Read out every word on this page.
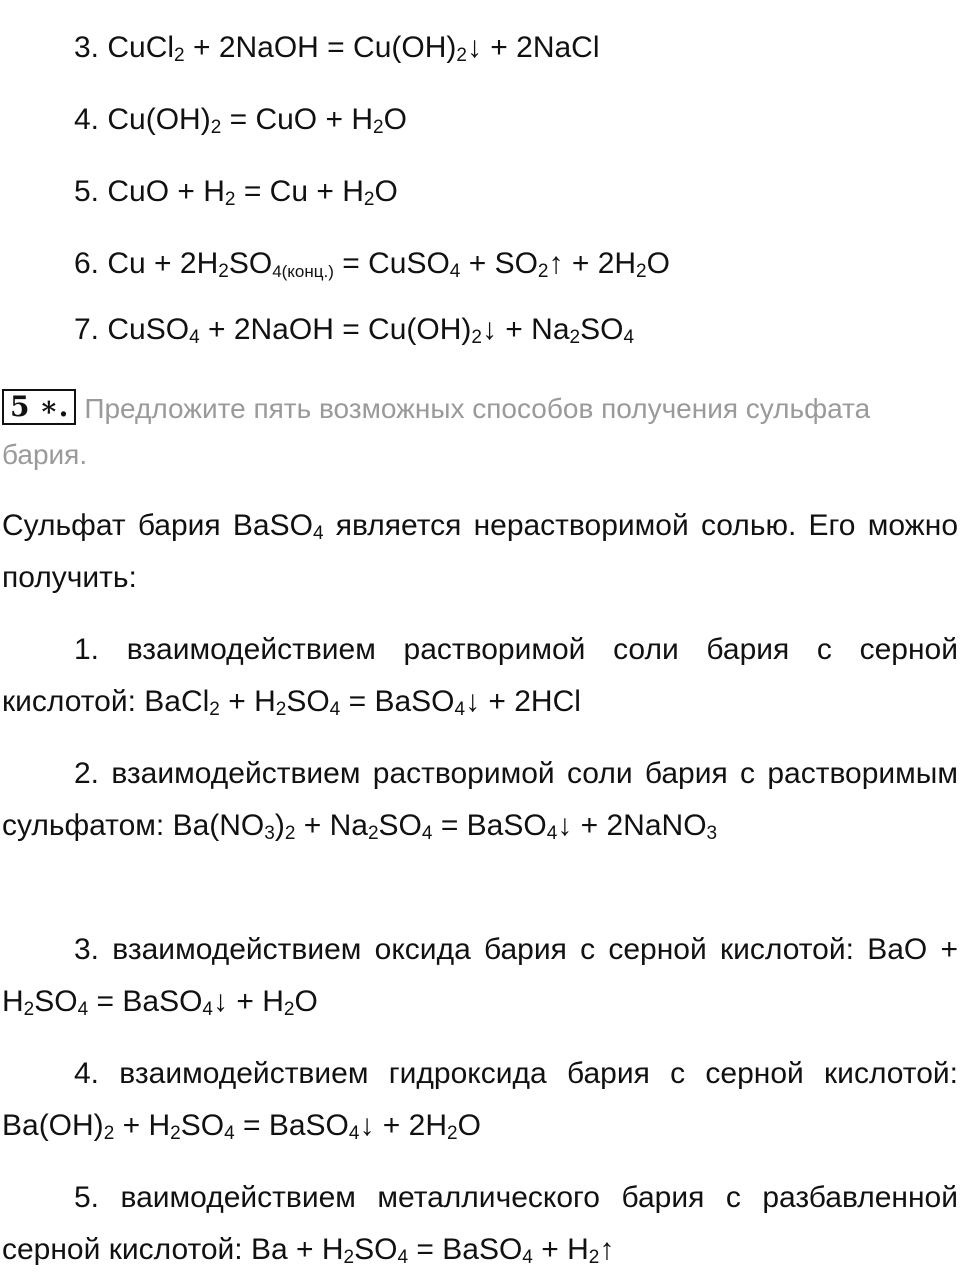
3. CuCl$_2$ + 2NaOH = $Cu(OH)_2↓$ + 2NaCl
4. $Cu(OH)_2$ = CuO + $H_2O$
5. CuO + $H_2 = Cu + H_2O$
6. $Cu + 2H_2SO_{4(конц.)}$ = CuSO$_4$ + $SO_2↑ + 2H_2O$
7. CuSO$_4$ + 2NaOH = $Cu(OH)_2↓ + Na_2SO_4$
5 ∗. Предложите пять возможных способов получения сульфата бария.
Сульфат бария BaSO$_4$ является нерастворимой солью. Его можно получить:
1. взаимодействием растворимой соли бария с серной кислотой: BaCl$_2$ + $H_2SO_4$ = BaSO$_4$↓ + 2HCl
2. взаимодействием растворимой соли бария с растворимым сульфатом: $Ba(NO_3)_2 + Na_2SO_4$ = BaSO$_4$↓ + 2NaNO$_3$
3. взаимодействием оксида бария с серной кислотой: BaO + $H_2SO_4$ = BaSO$_4$↓ + $H_2O$
4. взаимодействием гидроксида бария с серной кислотой: $Ba(OH)_2 + H_2SO_4$ = BaSO$_4$↓ + $2H_2O$
5. ваимодействием металлического бария с разбавленной серной кислотой: $Ba + H_2SO_4$ = BaSO$_4$ + $H_2↑$
